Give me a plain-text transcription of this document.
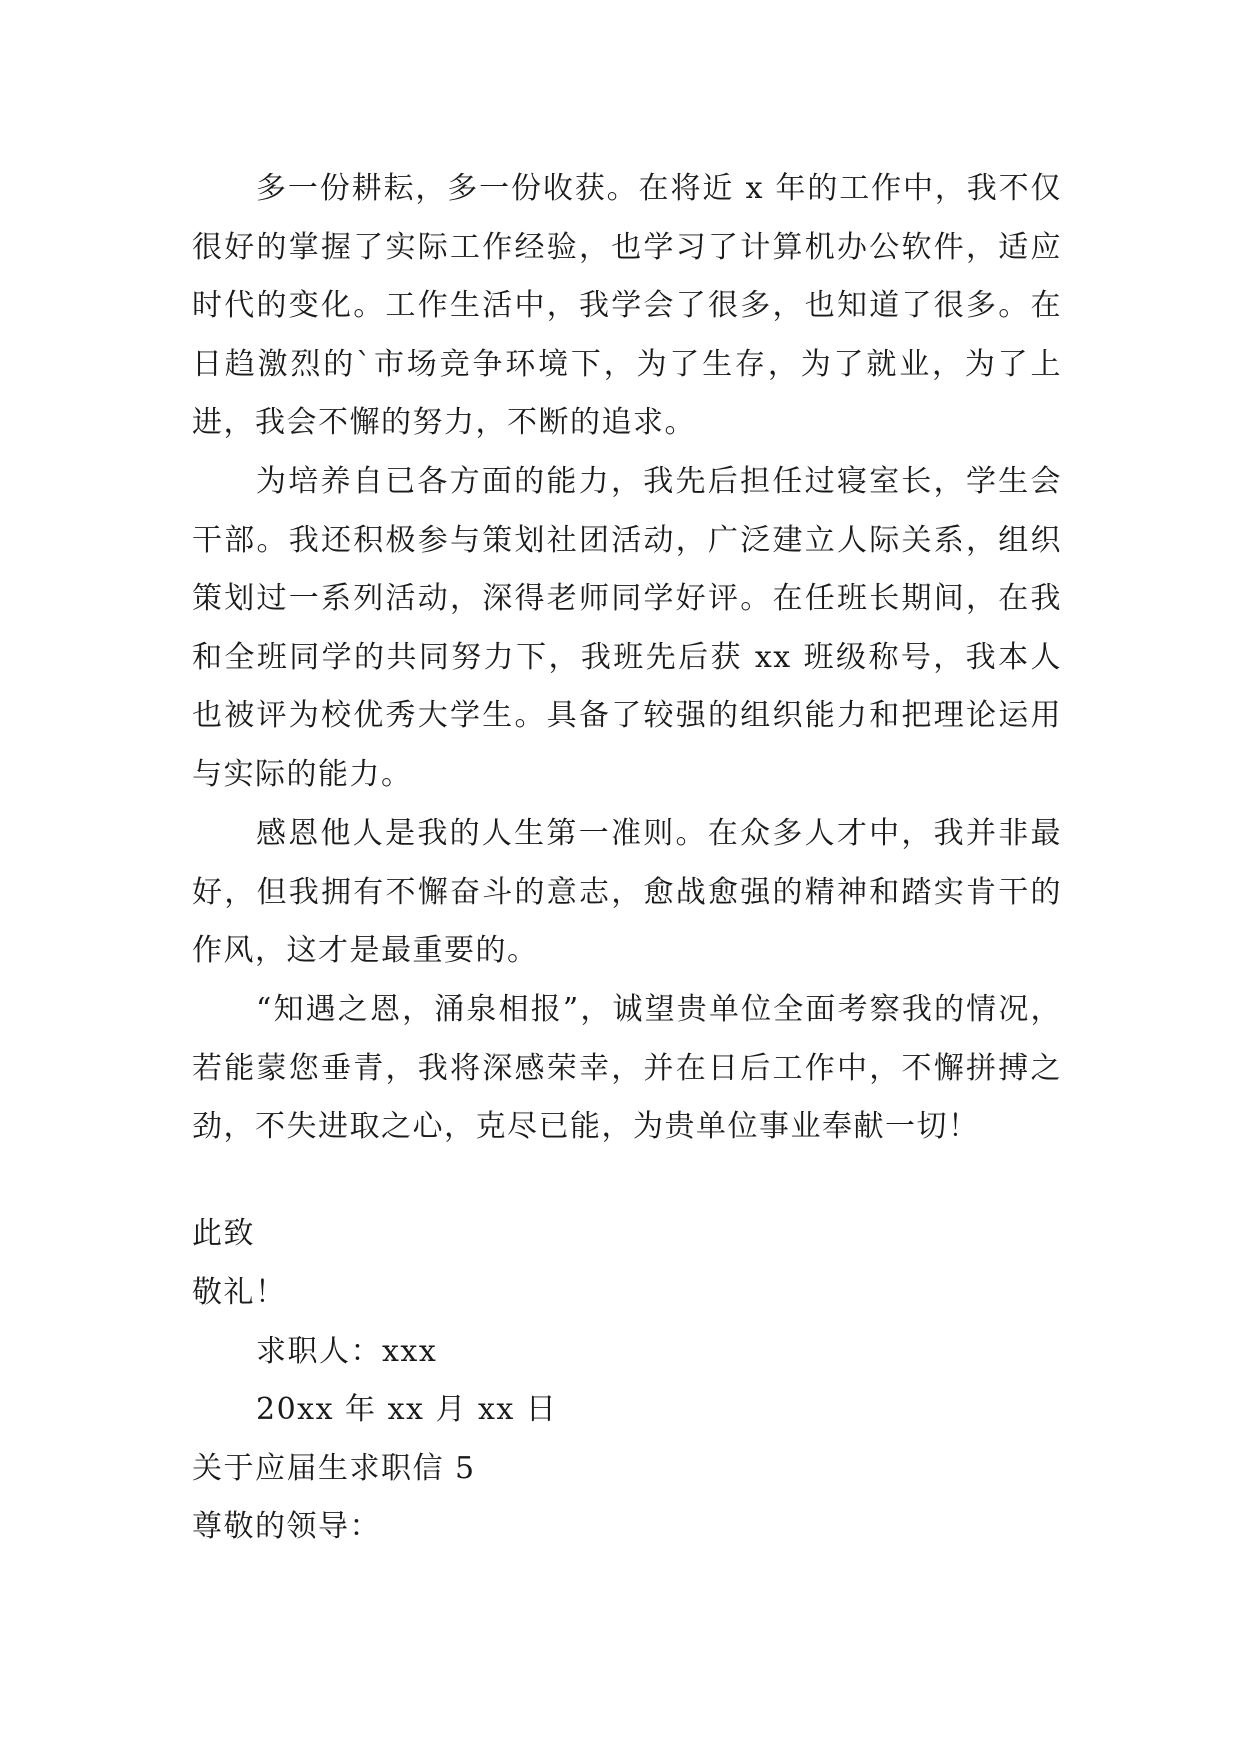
多一份耕耘，多一份收获。在将近 x 年的工作中，我不仅很好的掌握了实际工作经验，也学习了计算机办公软件，适应时代的变化。工作生活中，我学会了很多，也知道了很多。在日趋激烈的`市场竞争环境下，为了生存，为了就业，为了上进，我会不懈的努力，不断的追求。

为培养自已各方面的能力，我先后担任过寝室长，学生会干部。我还积极参与策划社团活动，广泛建立人际关系，组织策划过一系列活动，深得老师同学好评。在任班长期间，在我和全班同学的共同努力下，我班先后获 xx 班级称号，我本人也被评为校优秀大学生。具备了较强的组织能力和把理论运用与实际的能力。

感恩他人是我的人生第一准则。在众多人才中，我并非最好，但我拥有不懈奋斗的意志，愈战愈强的精神和踏实肯干的作风，这才是最重要的。

“知遇之恩，涌泉相报”，诚望贵单位全面考察我的情况，若能蒙您垂青，我将深感荣幸，并在日后工作中，不懈拼搏之劲，不失进取之心，克尽已能，为贵单位事业奉献一切！

此致

敬礼！

求职人：xxx

20xx 年 xx 月 xx 日

关于应届生求职信 5

尊敬的领导：
